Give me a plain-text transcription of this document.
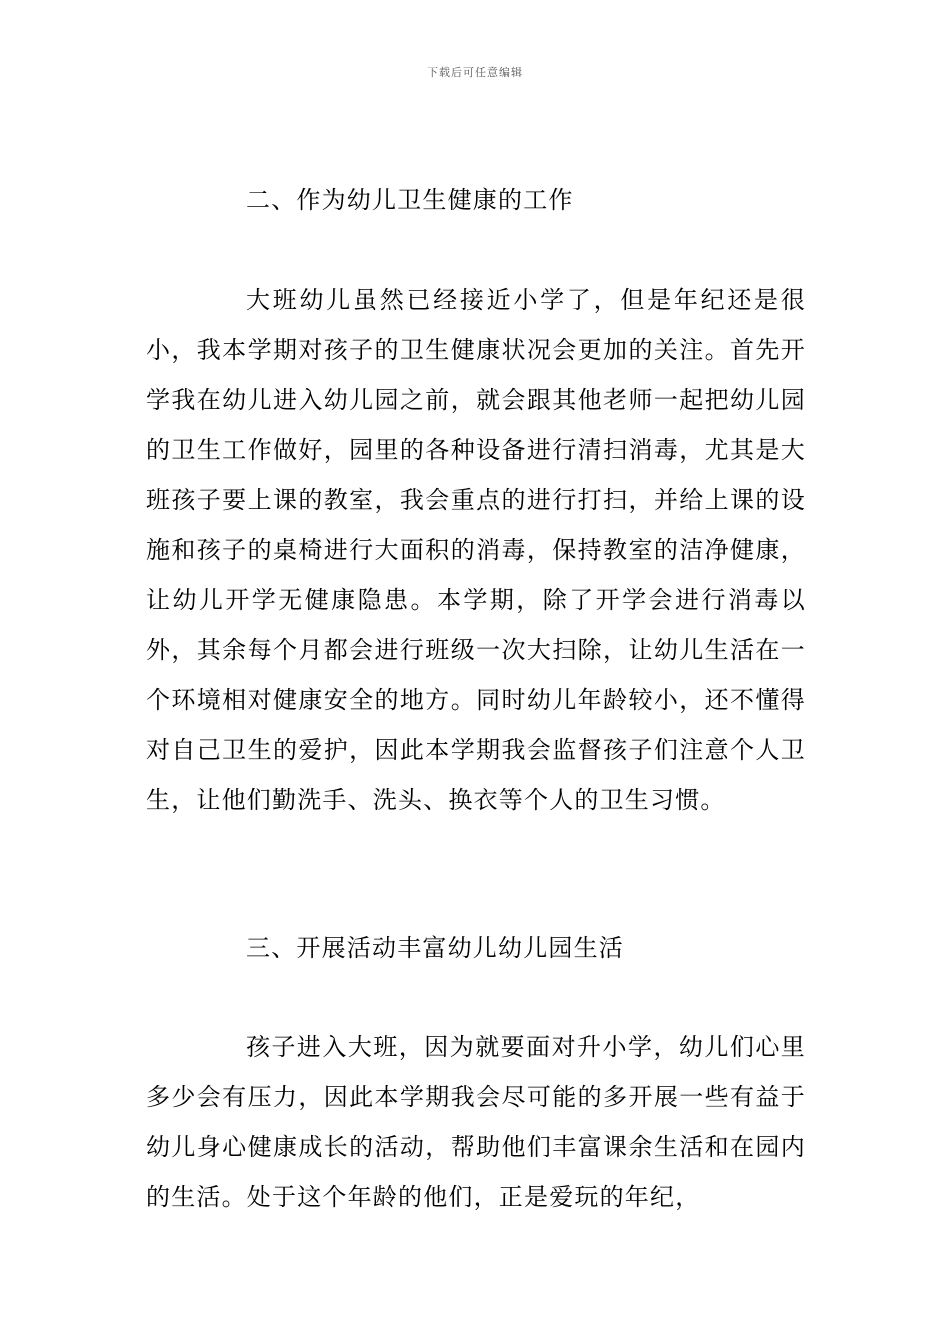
下载后可任意编辑
二、作为幼儿卫生健康的工作

大班幼儿虽然已经接近小学了，但是年纪还是很小，我本学期对孩子的卫生健康状况会更加的关注。首先开学我在幼儿进入幼儿园之前，就会跟其他老师一起把幼儿园的卫生工作做好，园里的各种设备进行清扫消毒，尤其是大班孩子要上课的教室，我会重点的进行打扫，并给上课的设施和孩子的桌椅进行大面积的消毒，保持教室的洁净健康，让幼儿开学无健康隐患。本学期，除了开学会进行消毒以外，其余每个月都会进行班级一次大扫除，让幼儿生活在一个环境相对健康安全的地方。同时幼儿年龄较小，还不懂得对自己卫生的爱护，因此本学期我会监督孩子们注意个人卫生，让他们勤洗手、洗头、换衣等个人的卫生习惯。

三、开展活动丰富幼儿幼儿园生活

孩子进入大班，因为就要面对升小学，幼儿们心里多少会有压力，因此本学期我会尽可能的多开展一些有益于幼儿身心健康成长的活动，帮助他们丰富课余生活和在园内的生活。处于这个年龄的他们，正是爱玩的年纪，
